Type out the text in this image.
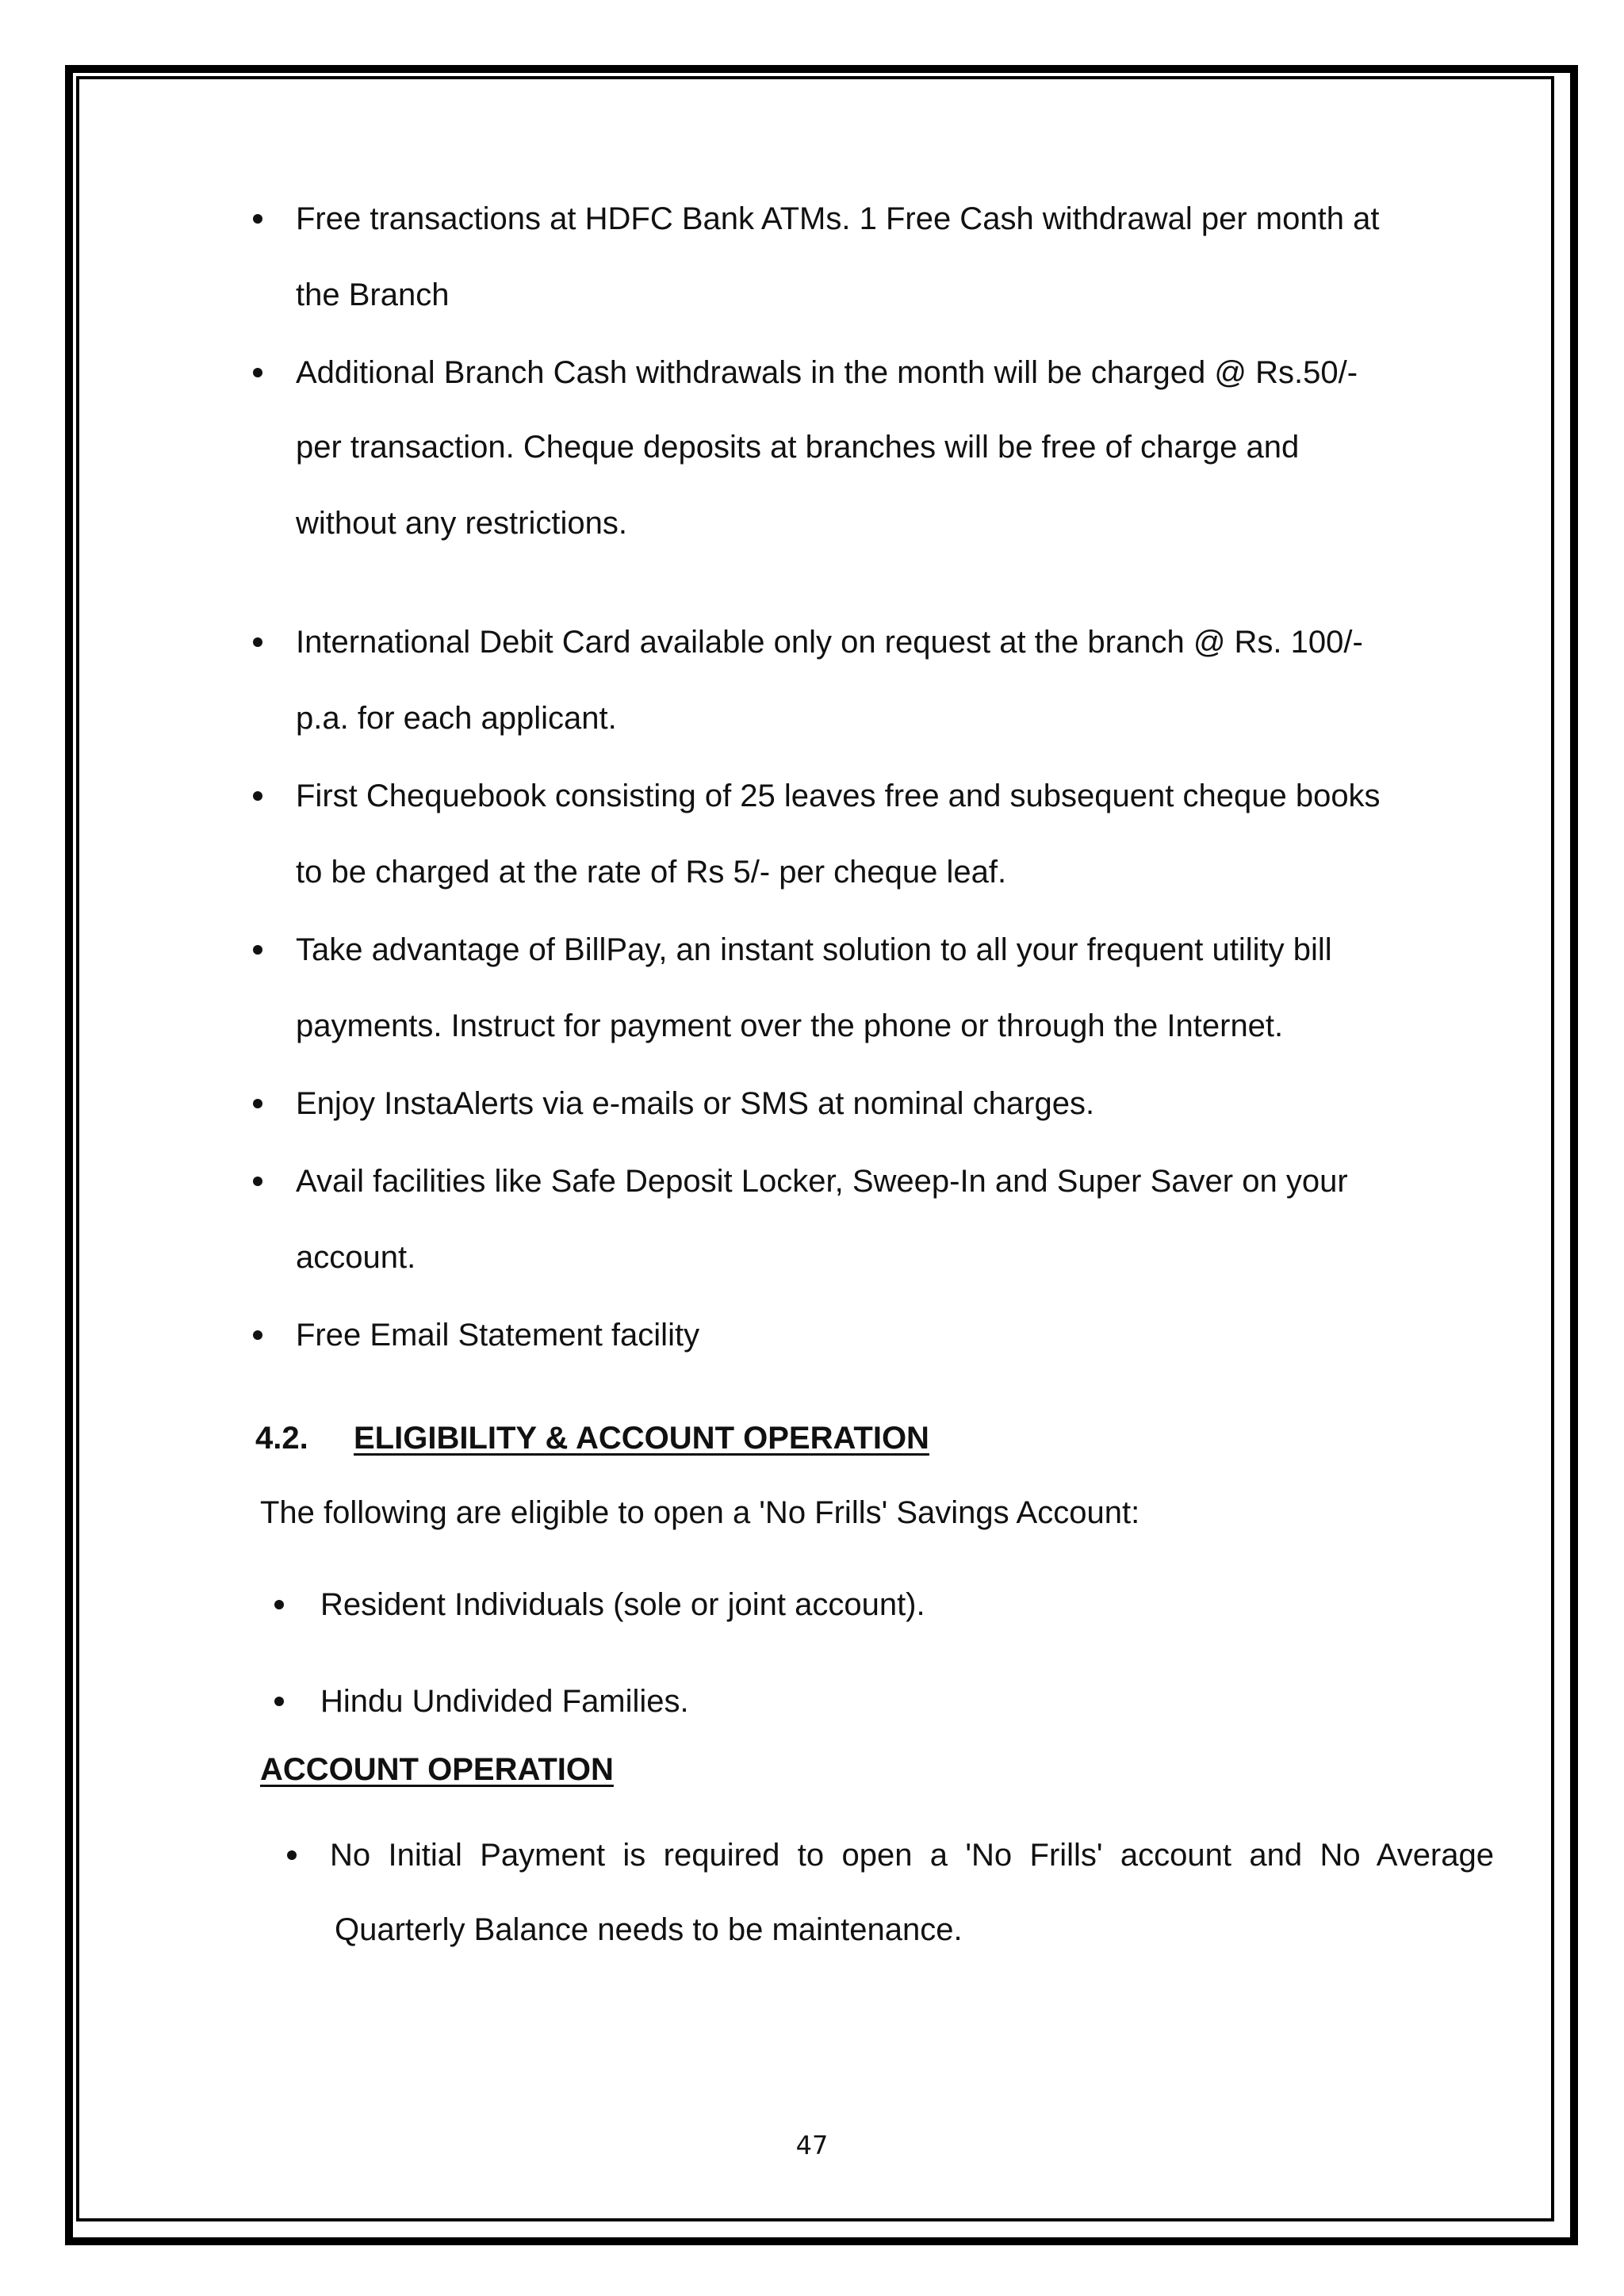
Free transactions at HDFC Bank ATMs. 1 Free Cash withdrawal per month at
the Branch
Additional Branch Cash withdrawals in the month will be charged @ Rs.50/-
per transaction. Cheque deposits at branches will be free of charge and
without any restrictions.
International Debit Card available only on request at the branch @ Rs. 100/-
p.a. for each applicant.
First Chequebook consisting of 25 leaves free and subsequent cheque books
to be charged at the rate of Rs 5/- per cheque leaf.
Take advantage of BillPay, an instant solution to all your frequent utility bill
payments. Instruct for payment over the phone or through the Internet.
Enjoy InstaAlerts via e-mails or SMS at nominal charges.
Avail facilities like Safe Deposit Locker, Sweep-In and Super Saver on your
account.
Free Email Statement facility
4.2. ELIGIBILITY & ACCOUNT OPERATION
The following are eligible to open a 'No Frills' Savings Account:
Resident Individuals (sole or joint account).
Hindu Undivided Families.
ACCOUNT OPERATION
No Initial Payment is required to open a 'No Frills' account and No Average
Quarterly Balance needs to be maintenance.
47
